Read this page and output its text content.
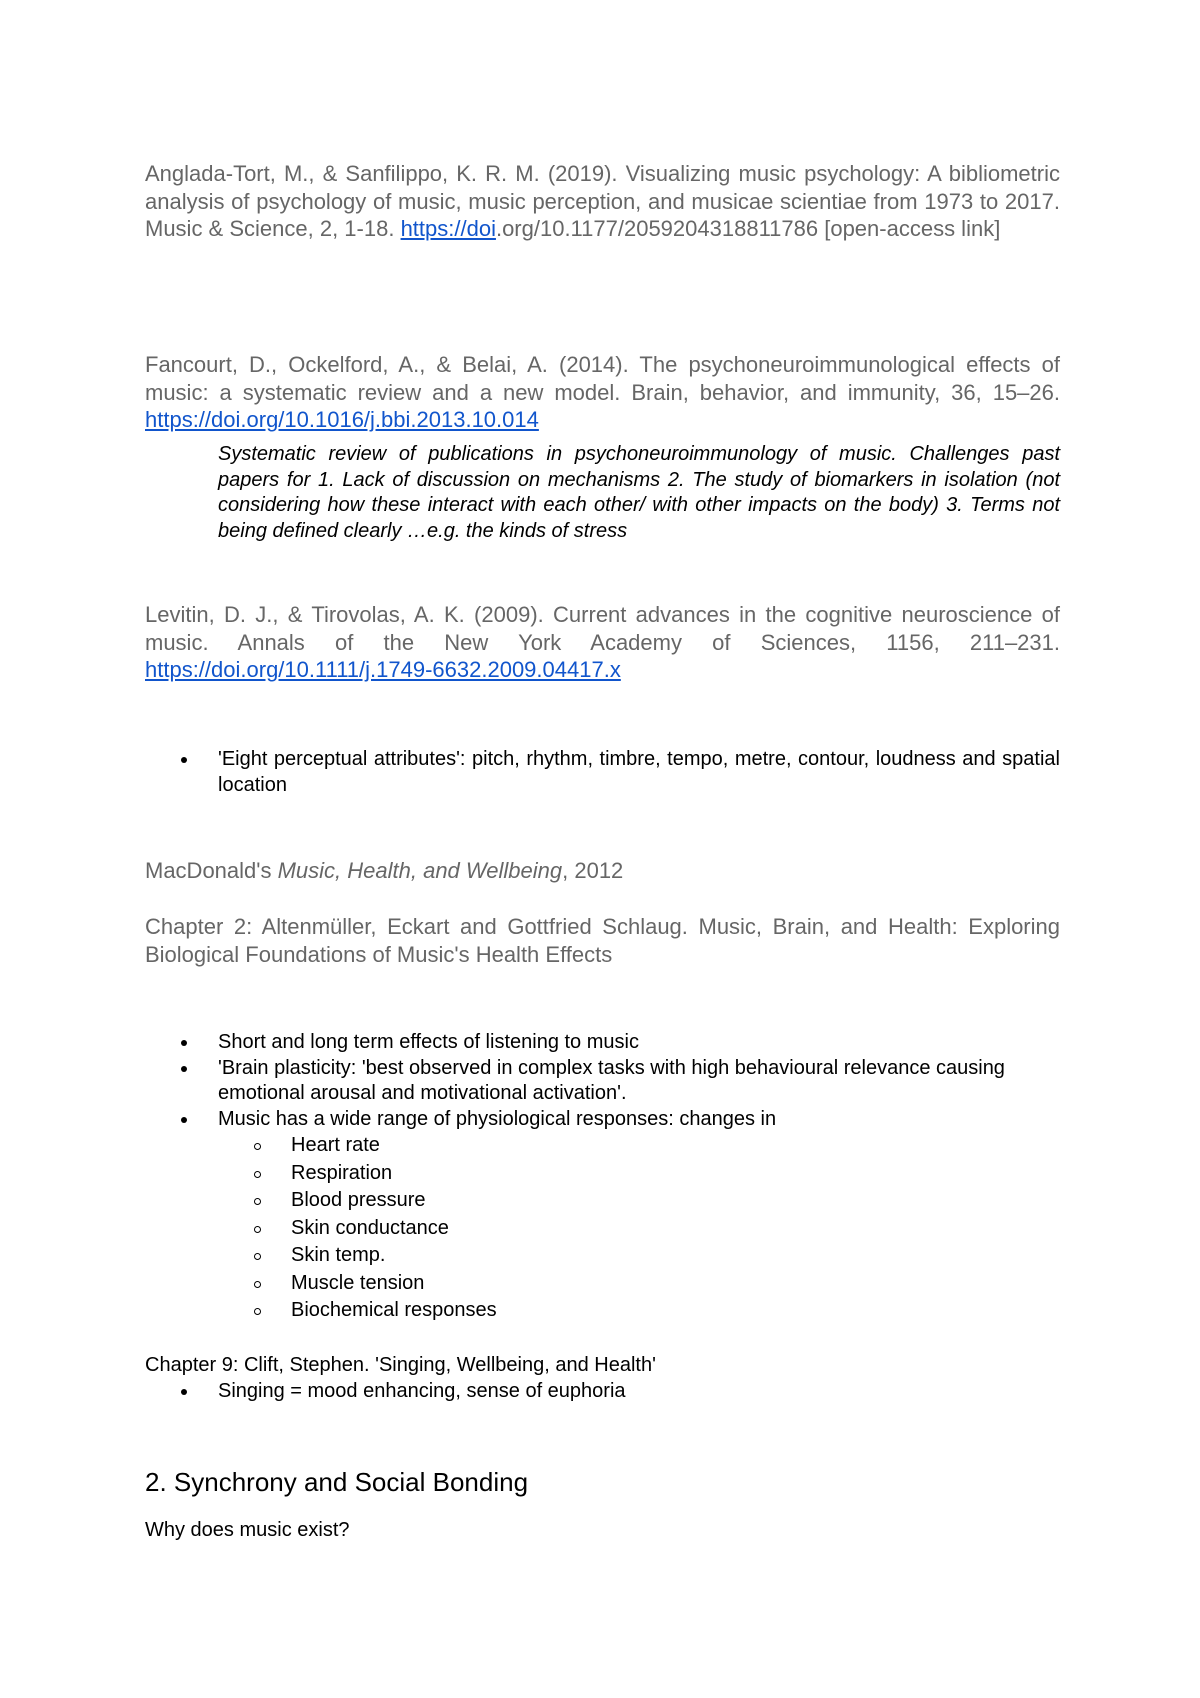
Anglada-Tort, M., & Sanfilippo, K. R. M. (2019). Visualizing music psychology: A bibliometric analysis of psychology of music, music perception, and musicae scientiae from 1973 to 2017. Music & Science, 2, 1-18. https://doi.org/10.1177/2059204318811786 [open-access link]

Fancourt, D., Ockelford, A., & Belai, A. (2014). The psychoneuroimmunological effects of music: a systematic review and a new model. Brain, behavior, and immunity, 36, 15–26. https://doi.org/10.1016/j.bbi.2013.10.014

Systematic review of publications in psychoneuroimmunology of music. Challenges past papers for 1. Lack of discussion on mechanisms 2. The study of biomarkers in isolation (not considering how these interact with each other/ with other impacts on the body) 3. Terms not being defined clearly …e.g. the kinds of stress

Levitin, D. J., & Tirovolas, A. K. (2009). Current advances in the cognitive neuroscience of music. Annals of the New York Academy of Sciences, 1156, 211–231. https://doi.org/10.1111/j.1749-6632.2009.04417.x

'Eight perceptual attributes': pitch, rhythm, timbre, tempo, metre, contour, loudness and spatial location

MacDonald's Music, Health, and Wellbeing, 2012

Chapter 2: Altenmüller, Eckart and Gottfried Schlaug. Music, Brain, and Health: Exploring Biological Foundations of Music's Health Effects

Short and long term effects of listening to music
'Brain plasticity: 'best observed in complex tasks with high behavioural relevance causing emotional arousal and motivational activation'.
Music has a wide range of physiological responses: changes in
Heart rate
Respiration
Blood pressure
Skin conductance
Skin temp.
Muscle tension
Biochemical responses

Chapter 9: Clift, Stephen. 'Singing, Wellbeing, and Health'

Singing = mood enhancing, sense of euphoria
2. Synchrony and Social Bonding

Why does music exist?
